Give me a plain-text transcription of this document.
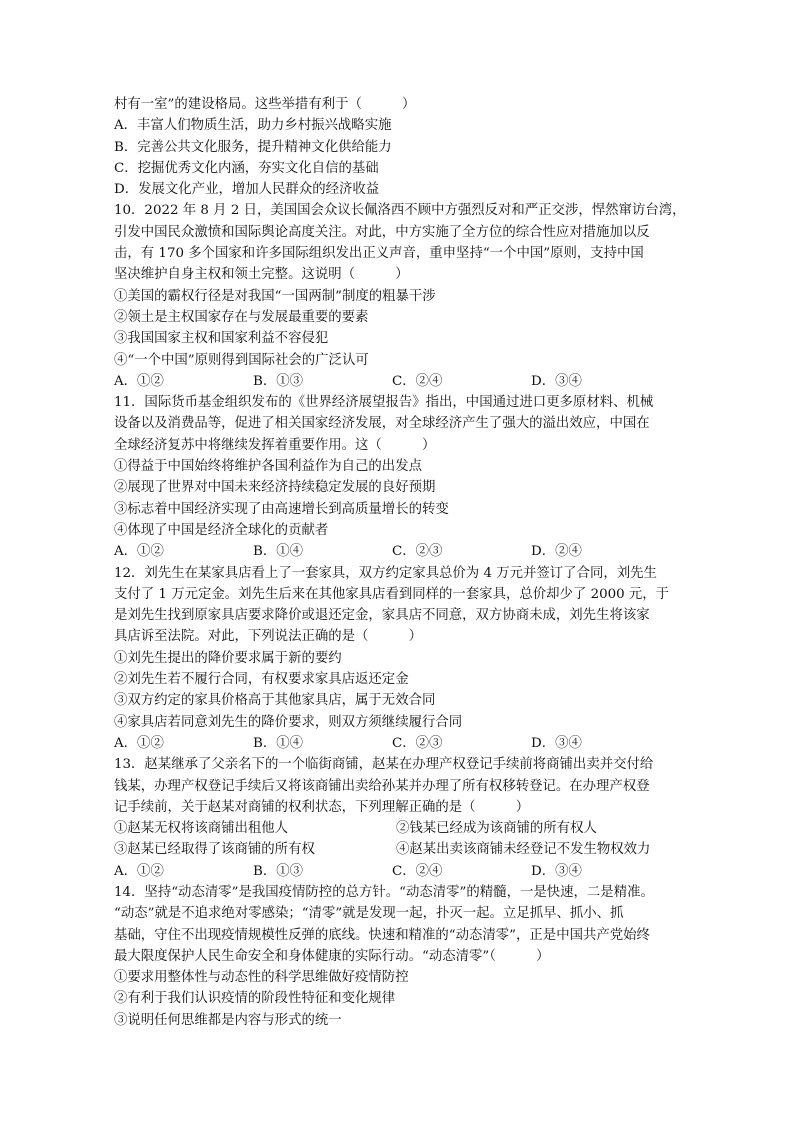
村有一室”的建设格局。这些举措有利于（　　　）
A．丰富人们物质生活，助力乡村振兴战略实施
B．完善公共文化服务，提升精神文化供给能力
C．挖掘优秀文化内涵，夯实文化自信的基础
D．发展文化产业，增加人民群众的经济收益
10．2022 年 8 月 2 日，美国国会众议长佩洛西不顾中方强烈反对和严正交涉，悍然窜访台湾，
引发中国民众激愤和国际舆论高度关注。对此，中方实施了全方位的综合性应对措施加以反
击，有 170 多个国家和许多国际组织发出正义声音，重申坚持“一个中国”原则，支持中国
坚决维护自身主权和领土完整。这说明（　　　）
①美国的霸权行径是对我国“一国两制”制度的粗暴干涉
②领土是主权国家存在与发展最重要的要素
③我国国家主权和国家利益不容侵犯
④“一个中国”原则得到国际社会的广泛认可
A．①②	B．①③	C．②④	D．③④
11．国际货币基金组织发布的《世界经济展望报告》指出，中国通过进口更多原材料、机械
设备以及消费品等，促进了相关国家经济发展，对全球经济产生了强大的溢出效应，中国在
全球经济复苏中将继续发挥着重要作用。这（　　　）
①得益于中国始终将维护各国利益作为自己的出发点
②展现了世界对中国未来经济持续稳定发展的良好预期
③标志着中国经济实现了由高速增长到高质量增长的转变
④体现了中国是经济全球化的贡献者
A．①②	B．①④	C．②③	D．②④
12．刘先生在某家具店看上了一套家具，双方约定家具总价为 4 万元并签订了合同，刘先生
支付了 1 万元定金。刘先生后来在其他家具店看到同样的一套家具，总价却少了 2000 元，于
是刘先生找到原家具店要求降价或退还定金，家具店不同意，双方协商未成，刘先生将该家
具店诉至法院。对此，下列说法正确的是（　　　）
①刘先生提出的降价要求属于新的要约
②刘先生若不履行合同，有权要求家具店返还定金
③双方约定的家具价格高于其他家具店，属于无效合同
④家具店若同意刘先生的降价要求，则双方须继续履行合同
A．①②	B．①④	C．②③	D．③④
13．赵某继承了父亲名下的一个临街商铺，赵某在办理产权登记手续前将商铺出卖并交付给
钱某，办理产权登记手续后又将该商铺出卖给孙某并办理了所有权移转登记。在办理产权登
记手续前，关于赵某对商铺的权利状态，下列理解正确的是（　　　）
①赵某无权将该商铺出租他人	②钱某已经成为该商铺的所有权人
③赵某已经取得了该商铺的所有权	④赵某出卖该商铺未经登记不发生物权效力
A．①②	B．①③	C．②④	D．③④
14．坚持“动态清零”是我国疫情防控的总方针。“动态清零”的精髓，一是快速，二是精准。
“动态”就是不追求绝对零感染；“清零”就是发现一起，扑灭一起。立足抓早、抓小、抓
基础，守住不出现疫情规模性反弹的底线。快速和精准的“动态清零”，正是中国共产党始终
最大限度保护人民生命安全和身体健康的实际行动。“动态清零”（　　　）
①要求用整体性与动态性的科学思维做好疫情防控
②有利于我们认识疫情的阶段性特征和变化规律
③说明任何思维都是内容与形式的统一
